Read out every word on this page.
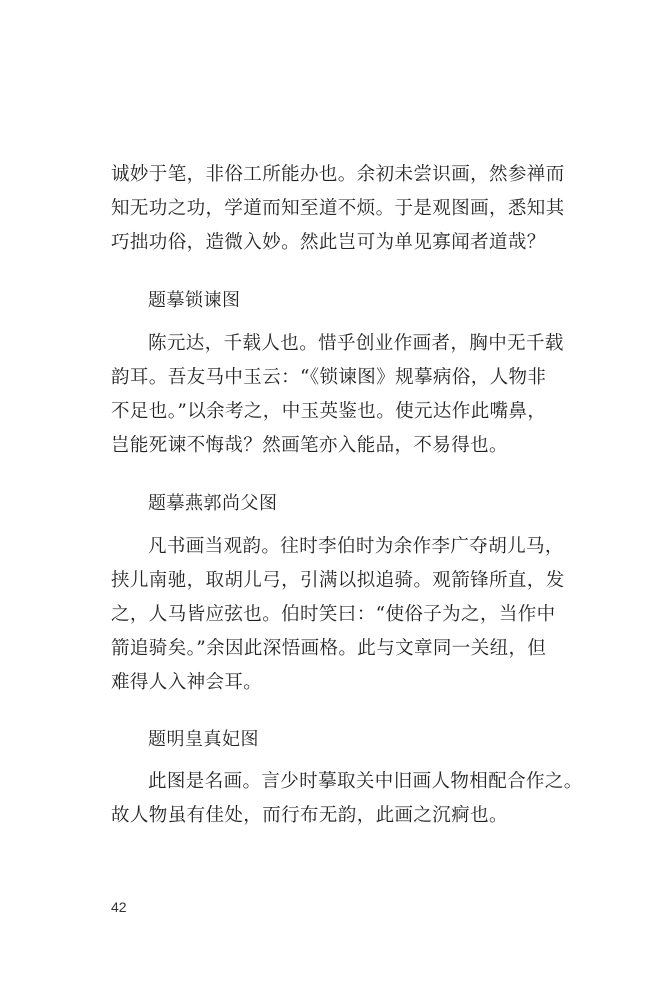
诚妙于笔，非俗工所能办也。余初未尝识画，然参禅而
知无功之功，学道而知至道不烦。于是观图画，悉知其
巧拙功俗，造微入妙。然此岂可为单见寡闻者道哉？
题摹锁谏图
陈元达，千载人也。惜乎创业作画者，胸中无千载
韵耳。吾友马中玉云：“《锁谏图》规摹病俗，人物非
不足也。”以余考之，中玉英鉴也。使元达作此嘴鼻，
岂能死谏不悔哉？然画笔亦入能品，不易得也。
题摹燕郭尚父图
凡书画当观韵。往时李伯时为余作李广夺胡儿马，
挟儿南驰，取胡儿弓，引满以拟追骑。观箭锋所直，发
之，人马皆应弦也。伯时笑曰：“使俗子为之，当作中
箭追骑矣。”余因此深悟画格。此与文章同一关纽，但
难得人入神会耳。
题明皇真妃图
此图是名画。言少时摹取关中旧画人物相配合作之。
故人物虽有佳处，而行布无韵，此画之沉痾也。
42
